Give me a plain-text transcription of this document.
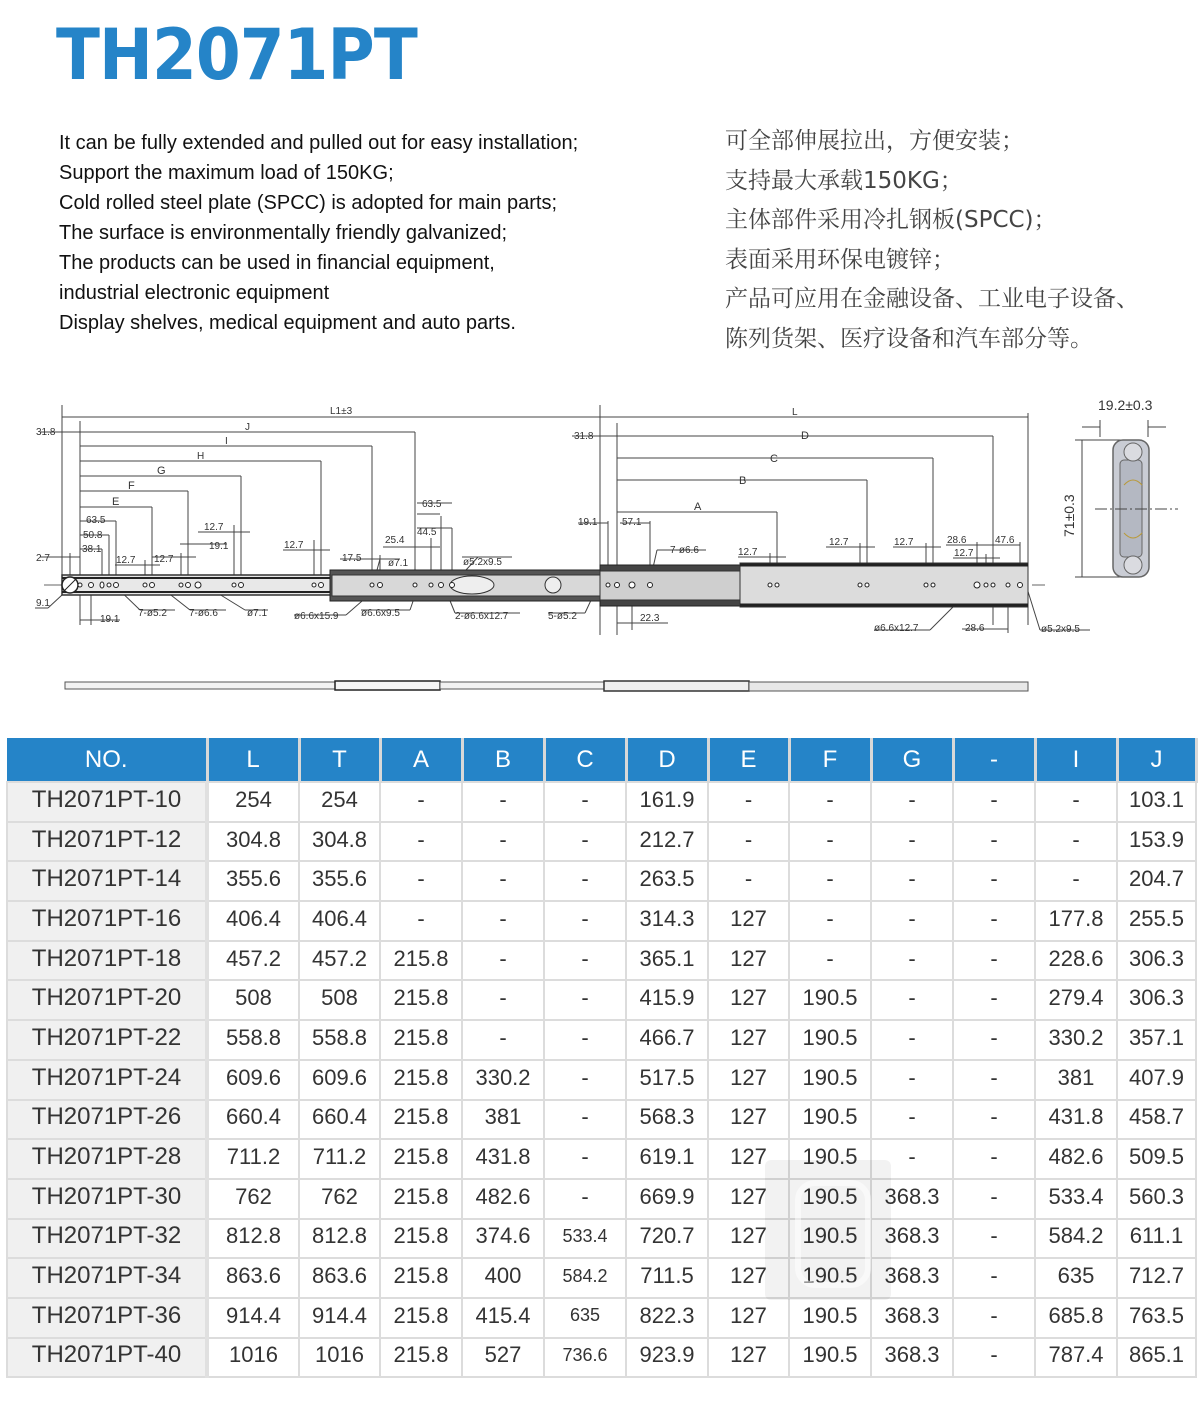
TH2071PT
It can be fully extended and pulled out for easy installation;
Support the maximum load of 150KG;
Cold rolled steel plate (SPCC) is adopted for main parts;
The surface is environmentally friendly galvanized;
The products can be used in financial equipment,
industrial electronic equipment
Display shelves, medical equipment and auto parts.
可全部伸展拉出，方便安装；
支持最大承载150KG；
主体部件采用冷扎钢板(SPCC)；
表面采用环保电镀锌；
产品可应用在金融设备、工业电子设备、
陈列货架、医疗设备和汽车部分等。
L1±3
J
I
H
G
F
E
31.8
63.5
50.8
38.1
2.7
9.1
12.7 12.7
12.7
19.1	12.7
17.5
25.4
44.5
63.5
ø7.1	ø5.2x9.5
19.1
7-ø5.2 7-ø6.6	ø7.1	ø6.6x15.9 ø6.6x9.5	2-ø6.6x12.7	5-ø5.2
L
D
C
B
A
31.8
19.1 57.1
7-ø6.6	12.7
12.7	12.7	28.6
12.7
47.6
22.3
ø6.6x12.7	28.6	ø5.2x9.5
19.2±0.3
71±0.3
NO.	L	T	A	B	C	D	E	F	G	-	I	J
TH2071PT-10	254	254	-	-	-	161.9	-	-	-	-	-	103.1
TH2071PT-12	304.8	304.8	-	-	-	212.7	-	-	-	-	-	153.9
TH2071PT-14	355.6	355.6	-	-	-	263.5	-	-	-	-	-	204.7
TH2071PT-16	406.4	406.4	-	-	-	314.3	127	-	-	-	177.8	255.5
TH2071PT-18	457.2	457.2	215.8	-	-	365.1	127	-	-	-	228.6	306.3
TH2071PT-20	508	508	215.8	-	-	415.9	127	190.5	-	-	279.4	306.3
TH2071PT-22	558.8	558.8	215.8	-	-	466.7	127	190.5	-	-	330.2	357.1
TH2071PT-24	609.6	609.6	215.8	330.2	-	517.5	127	190.5	-	-	381	407.9
TH2071PT-26	660.4	660.4	215.8	381	-	568.3	127	190.5	-	-	431.8	458.7
TH2071PT-28	711.2	711.2	215.8	431.8	-	619.1	127	190.5	-	-	482.6	509.5
TH2071PT-30	762	762	215.8	482.6	-	669.9	127	190.5	368.3	-	533.4	560.3
TH2071PT-32	812.8	812.8	215.8	374.6	533.4	720.7	127	190.5	368.3	-	584.2	611.1
TH2071PT-34	863.6	863.6	215.8	400	584.2	711.5	127	190.5	368.3	-	635	712.7
TH2071PT-36	914.4	914.4	215.8	415.4	635	822.3	127	190.5	368.3	-	685.8	763.5
TH2071PT-40	1016	1016	215.8	527	736.6	923.9	127	190.5	368.3	-	787.4	865.1
